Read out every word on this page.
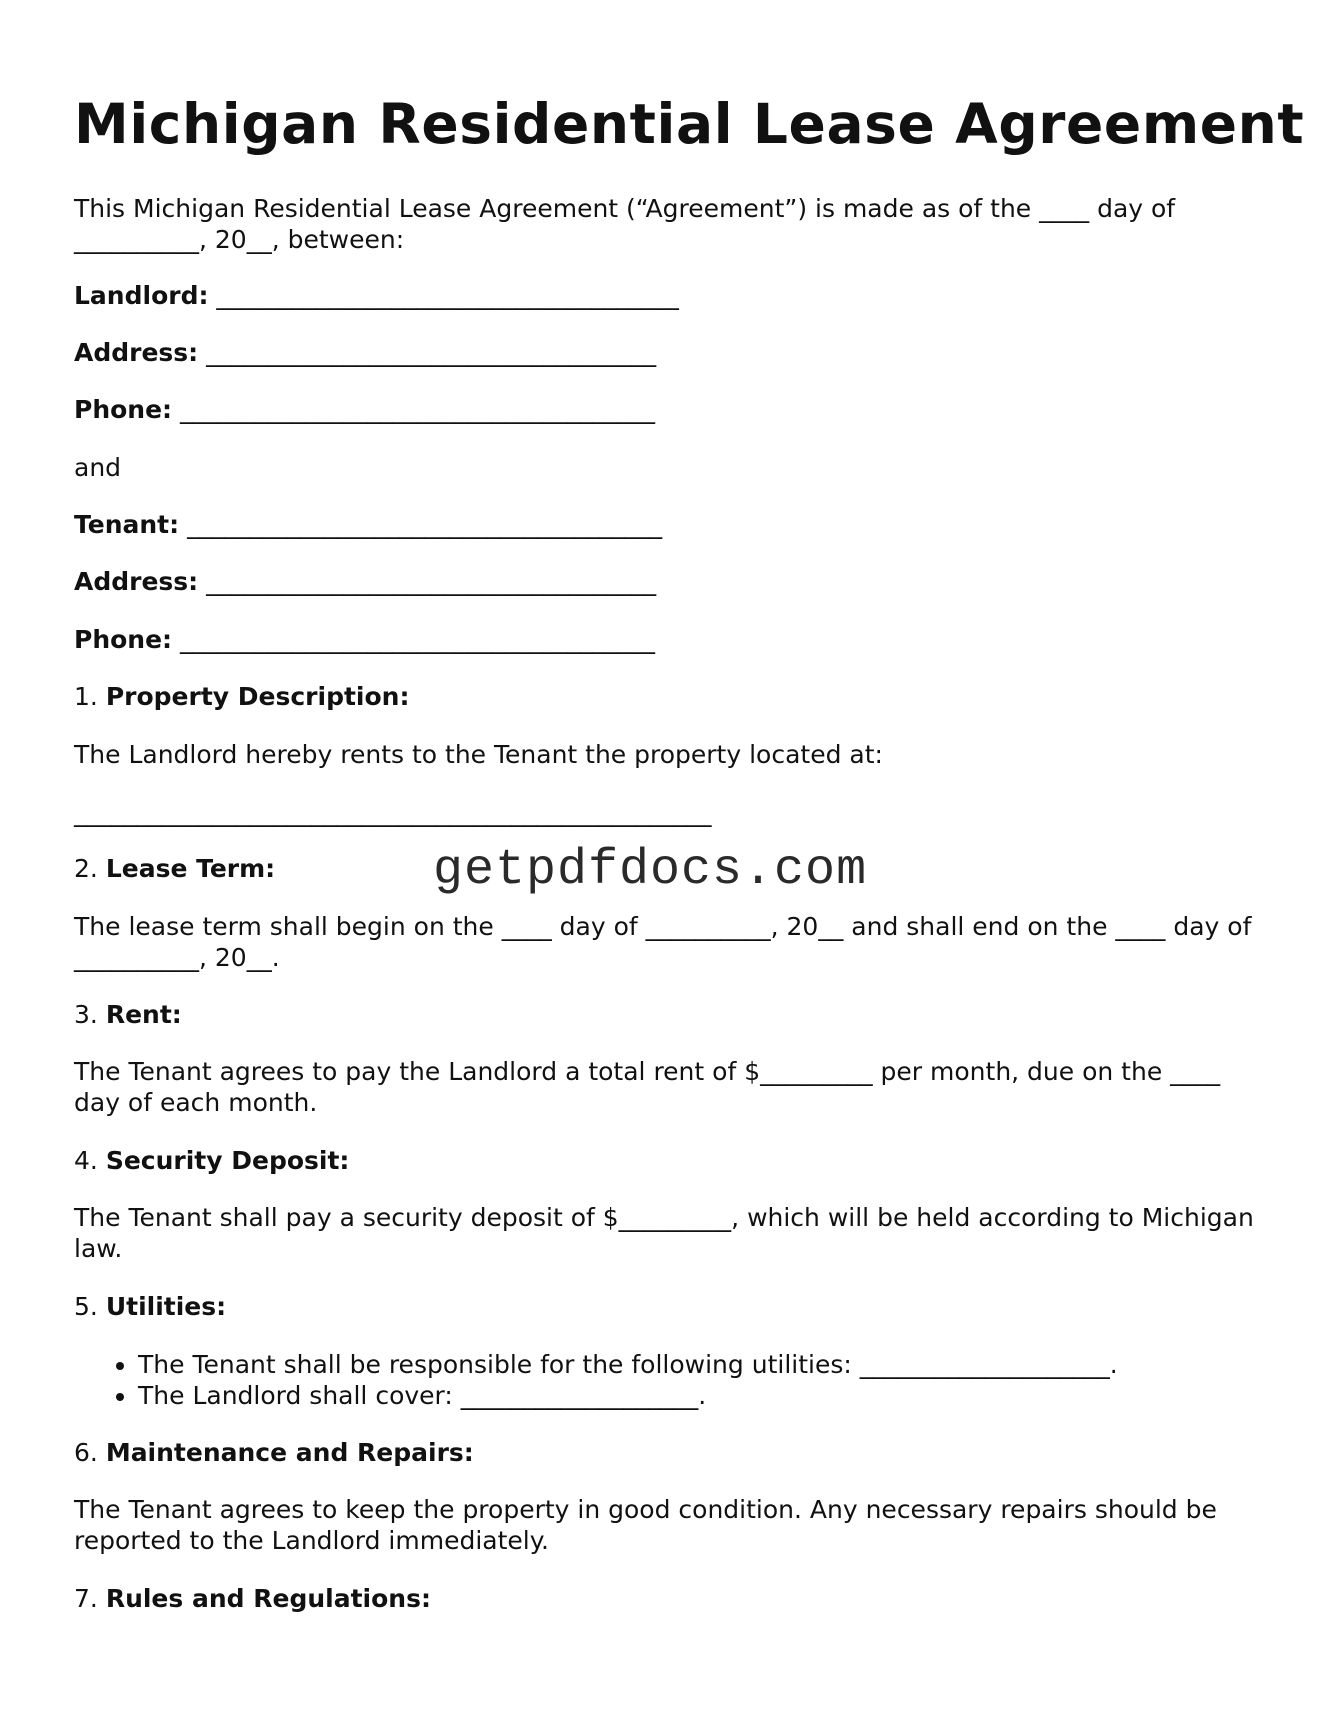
Michigan Residential Lease Agreement

This Michigan Residential Lease Agreement (“Agreement”) is made as of the ____ day of __________, 20__, between:

Landlord: _____________________________________

Address: ____________________________________

Phone: ______________________________________

and

Tenant: ______________________________________

Address: ____________________________________

Phone: ______________________________________

1. Property Description:

The Landlord hereby rents to the Tenant the property located at:

___________________________________________________

2. Lease Term:

The lease term shall begin on the ____ day of __________, 20__ and shall end on the ____ day of __________, 20__.

3. Rent:

The Tenant agrees to pay the Landlord a total rent of $_________ per month, due on the ____ day of each month.

4. Security Deposit:

The Tenant shall pay a security deposit of $_________, which will be held according to Michigan law.

5. Utilities:

• The Tenant shall be responsible for the following utilities: ____________________.
• The Landlord shall cover: ___________________.

6. Maintenance and Repairs:

The Tenant agrees to keep the property in good condition. Any necessary repairs should be reported to the Landlord immediately.

7. Rules and Regulations:

getpdfdocs.com
